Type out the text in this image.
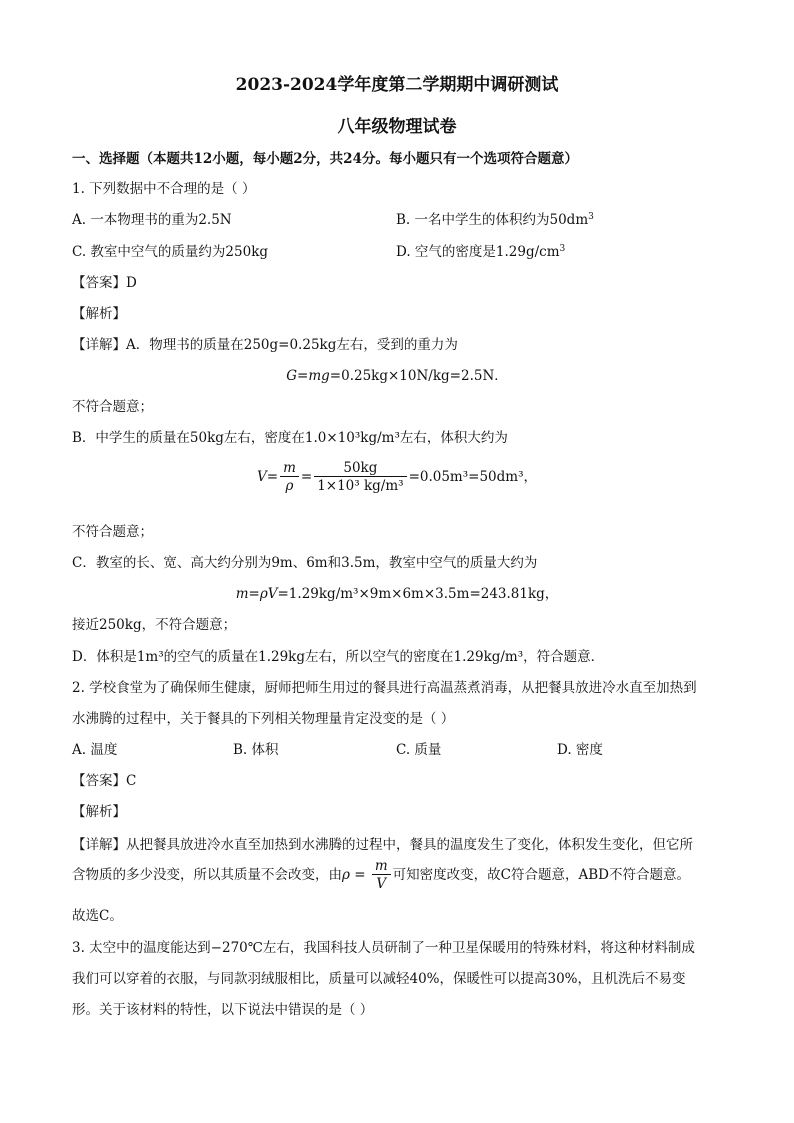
2023-2024学年度第二学期期中调研测试
八年级物理试卷
一、选择题（本题共12小题，每小题2分，共24分。每小题只有一个选项符合题意）
1. 下列数据中不合理的是（ ）
A. 一本物理书的重为2.5N	B. 一名中学生的体积约为$50dm^3$
C. 教室中空气的质量约为250kg	D. 空气的密度是$1.29g/cm^3$
【答案】D
【解析】
【详解】A．物理书的质量在250g=0.25kg左右，受到的重力为
G=mg=0.25kg×10N/kg=2.5N．
不符合题意；
B．中学生的质量在50kg左右，密度在1.0×10³kg/m³左右，体积大约为
$V= \frac{m}{\rho} = \frac{50kg}{\text{1×10³ kg/m³}} =0.05m^3=50dm^3$，
不符合题意；
C．教室的长、宽、高大约分别为9m、6m和3.5m，教室中空气的质量大约为
m=ρV=1.29kg/m³×9m×6m×3.5m=243.81kg，
接近250kg，不符合题意；
D．体积是1m³的空气的质量在1.29kg左右，所以空气的密度在1.29kg/m³，符合题意．
2. 学校食堂为了确保师生健康，厨师把师生用过的餐具进行高温蒸煮消毒，从把餐具放进冷水直至加热到
水沸腾的过程中，关于餐具的下列相关物理量肯定没变的是（ ）
A. 温度	B. 体积	C. 质量	D. 密度
【答案】C
【解析】
【详解】从把餐具放进冷水直至加热到水沸腾的过程中，餐具的温度发生了变化，体积发生变化，但它所
含物质的多少没变，所以其质量不会改变，由$\rho = \frac{m}{V}$ 可知密度改变，故C符合题意，ABD不符合题意。
故选C。
3. 太空中的温度能达到−270℃左右，我国科技人员研制了一种卫星保暖用的特殊材料，将这种材料制成
我们可以穿着的衣服，与同款羽绒服相比，质量可以减轻40%，保暖性可以提高30%，且机洗后不易变
形。关于该材料的特性，以下说法中错误的是（ ）
